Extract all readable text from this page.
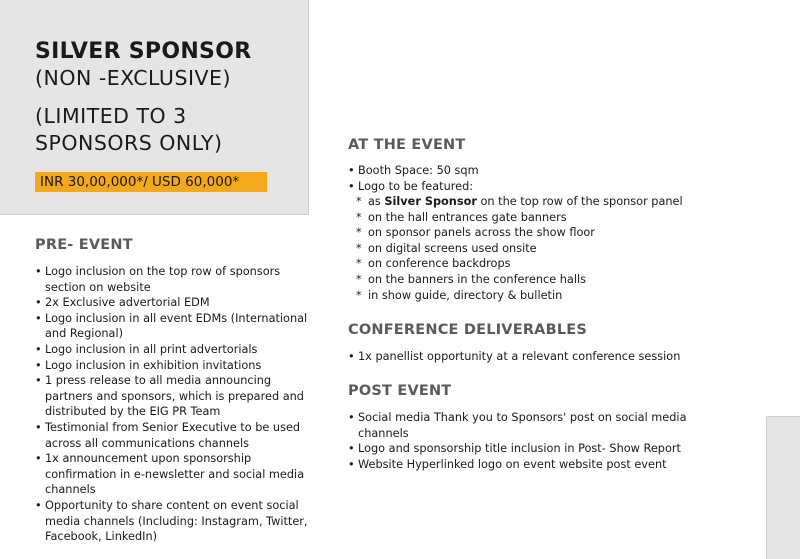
SILVER SPONSOR
(NON -EXCLUSIVE)
(LIMITED TO 3
SPONSORS ONLY)
INR 30,00,000*/ USD 60,000*
PRE- EVENT
• Logo inclusion on the top row of sponsors section on website
• 2x Exclusive advertorial EDM
• Logo inclusion in all event EDMs (International and Regional)
• Logo inclusion in all print advertorials
• Logo inclusion in exhibition invitations
• 1 press release to all media announcing partners and sponsors, which is prepared and distributed by the EIG PR Team
• Testimonial from Senior Executive to be used across all communications channels
• 1x announcement upon sponsorship confirmation in e-newsletter and social media channels
• Opportunity to share content on event social media channels (Including: Instagram, Twitter, Facebook, LinkedIn)
AT THE EVENT
• Booth Space: 50 sqm
• Logo to be featured:
* as Silver Sponsor on the top row of the sponsor panel
* on the hall entrances gate banners
* on sponsor panels across the show floor
* on digital screens used onsite
* on conference backdrops
* on the banners in the conference halls
* in show guide, directory & bulletin
CONFERENCE DELIVERABLES
• 1x panellist opportunity at a relevant conference session
POST EVENT
• Social media Thank you to Sponsors' post on social media channels
• Logo and sponsorship title inclusion in Post- Show Report
• Website Hyperlinked logo on event website post event
